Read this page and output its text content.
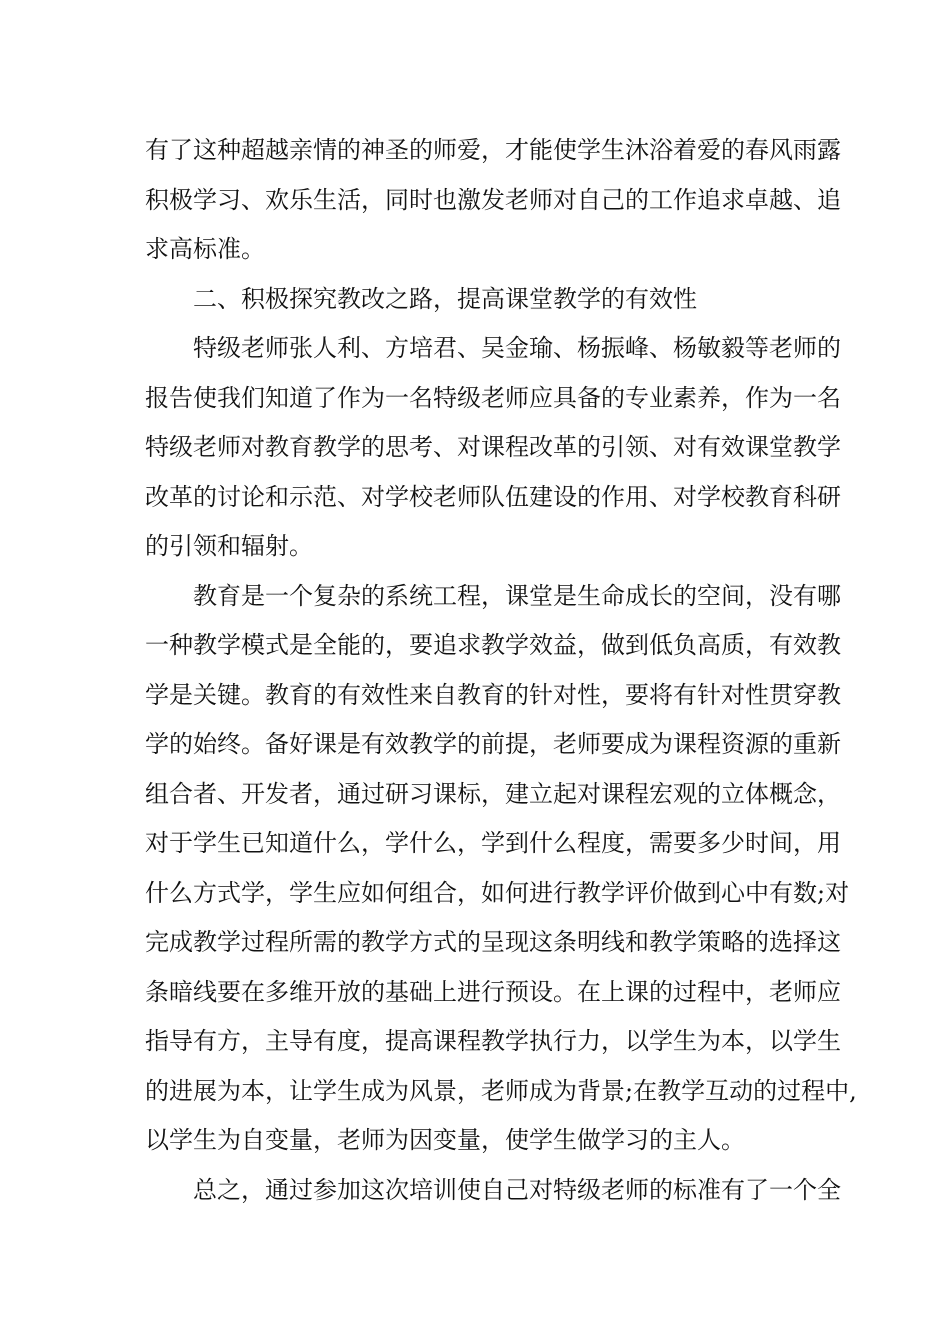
有了这种超越亲情的神圣的师爱，才能使学生沐浴着爱的春风雨露
积极学习、欢乐生活，同时也激发老师对自己的工作追求卓越、追
求高标准。
二、积极探究教改之路，提高课堂教学的有效性
特级老师张人利、方培君、吴金瑜、杨振峰、杨敏毅等老师的
报告使我们知道了作为一名特级老师应具备的专业素养，作为一名
特级老师对教育教学的思考、对课程改革的引领、对有效课堂教学
改革的讨论和示范、对学校老师队伍建设的作用、对学校教育科研
的引领和辐射。
教育是一个复杂的系统工程，课堂是生命成长的空间，没有哪
一种教学模式是全能的，要追求教学效益，做到低负高质，有效教
学是关键。教育的有效性来自教育的针对性，要将有针对性贯穿教
学的始终。备好课是有效教学的前提，老师要成为课程资源的重新
组合者、开发者，通过研习课标，建立起对课程宏观的立体概念，
对于学生已知道什么，学什么，学到什么程度，需要多少时间，用
什么方式学，学生应如何组合，如何进行教学评价做到心中有数;对
完成教学过程所需的教学方式的呈现这条明线和教学策略的选择这
条暗线要在多维开放的基础上进行预设。在上课的过程中，老师应
指导有方，主导有度，提高课程教学执行力，以学生为本，以学生
的进展为本，让学生成为风景，老师成为背景;在教学互动的过程中,
以学生为自变量，老师为因变量，使学生做学习的主人。
总之，通过参加这次培训使自己对特级老师的标准有了一个全
